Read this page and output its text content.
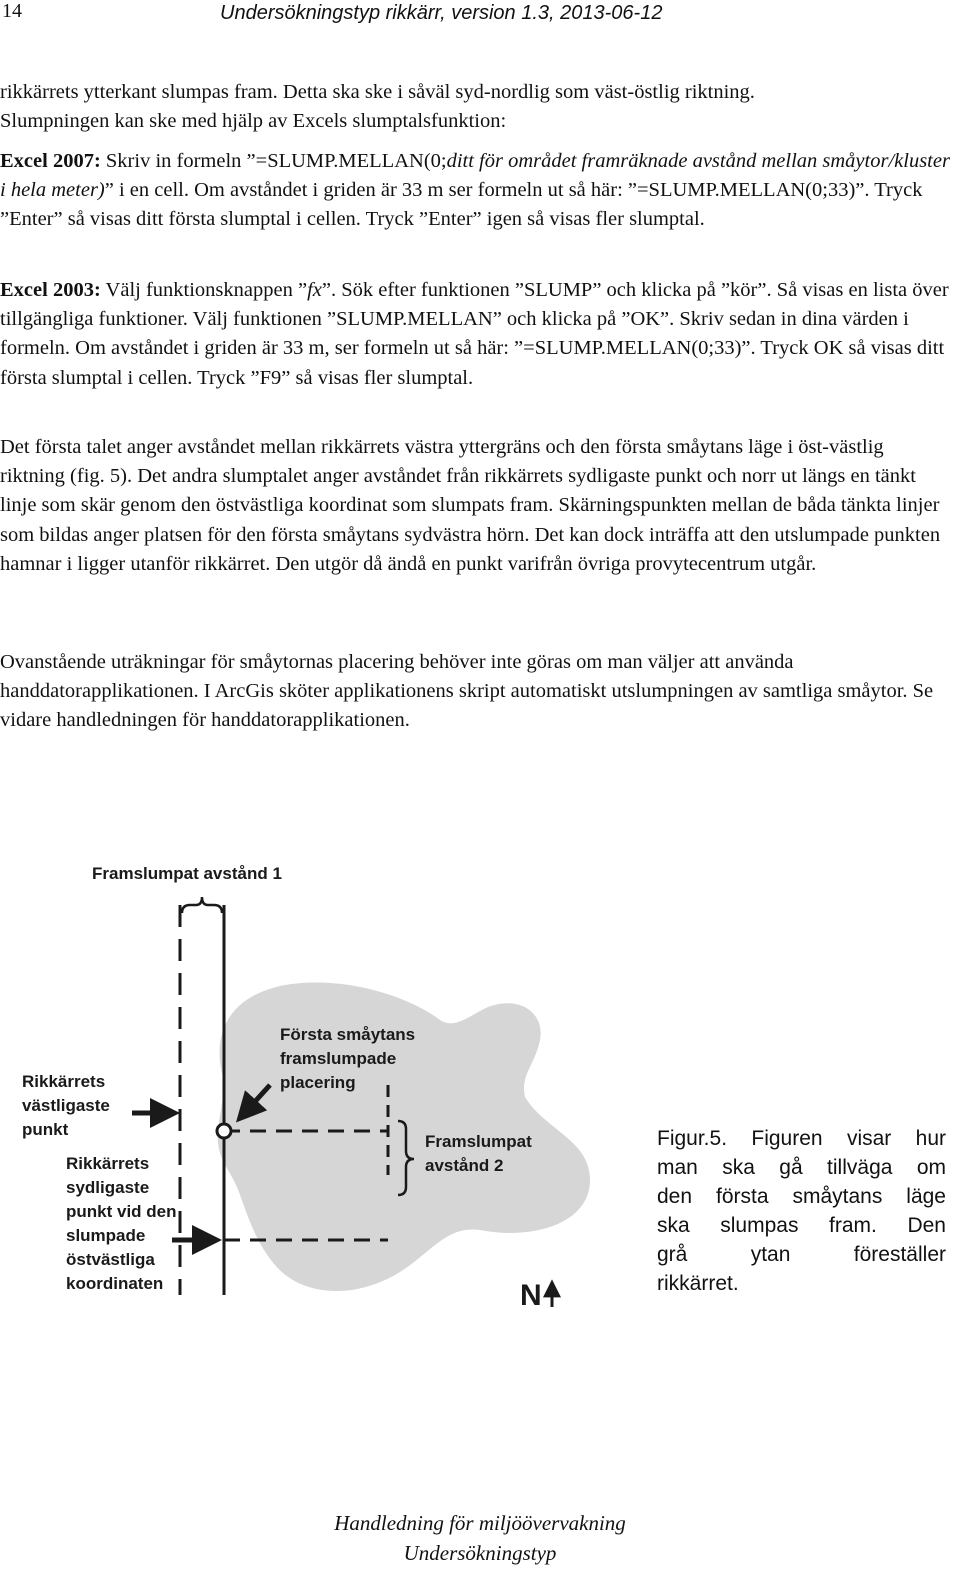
14	Undersökningstyp rikkärr, version 1.3, 2013-06-12

rikkärrets ytterkant slumpas fram. Detta ska ske i såväl syd-nordlig som väst-östlig riktning.

Slumpningen kan ske med hjälp av Excels slumptalsfunktion:

Excel 2007: Skriv in formeln ”=SLUMP.MELLAN(0;ditt för området framräknade avstånd mellan småytor/kluster i hela meter)” i en cell. Om avståndet i griden är 33 m ser formeln ut så här: ”=SLUMP.MELLAN(0;33)”. Tryck ”Enter” så visas ditt första slumptal i cellen. Tryck ”Enter” igen så visas fler slumptal.

Excel 2003: Välj funktionsknappen ”fx”. Sök efter funktionen ”SLUMP” och klicka på ”kör”. Så visas en lista över tillgängliga funktioner. Välj funktionen ”SLUMP.MELLAN” och klicka på ”OK”. Skriv sedan in dina värden i formeln. Om avståndet i griden är 33 m, ser formeln ut så här: ”=SLUMP.MELLAN(0;33)”. Tryck OK så visas ditt första slumptal i cellen. Tryck ”F9” så visas fler slumptal.

Det första talet anger avståndet mellan rikkärrets västra yttergräns och den första småytans läge i öst-västlig riktning (fig. 5). Det andra slumptalet anger avståndet från rikkärrets sydligaste punkt och norr ut längs en tänkt linje som skär genom den östvästliga koordinat som slumpats fram. Skärningspunkten mellan de båda tänkta linjer som bildas anger platsen för den första småytans sydvästra hörn. Det kan dock inträffa att den utslumpade punkten hamnar i ligger utanför rikkärret. Den utgör då ändå en punkt varifrån övriga provytecentrum utgår.

Ovanstående uträkningar för småytornas placering behöver inte göras om man väljer att använda handdatorapplikationen. I ArcGis sköter applikationens skript automatiskt utslumpningen av samtliga småytor. Se vidare handledningen för handdatorapplikationen.

Framslumpat avstånd 1
Första småytans
framslumpade
placering
Rikkärrets
västligaste
punkt
Rikkärrets
sydligaste
punkt vid den
slumpade
östvästliga
koordinaten
Framslumpat
avstånd 2
N
Figur.5. Figuren visar hur
man ska gå tillväga om
den första småytans läge
ska slumpas fram. Den
grå ytan föreställer
rikkärret.
Handledning för miljöövervakning
Undersökningstyp
